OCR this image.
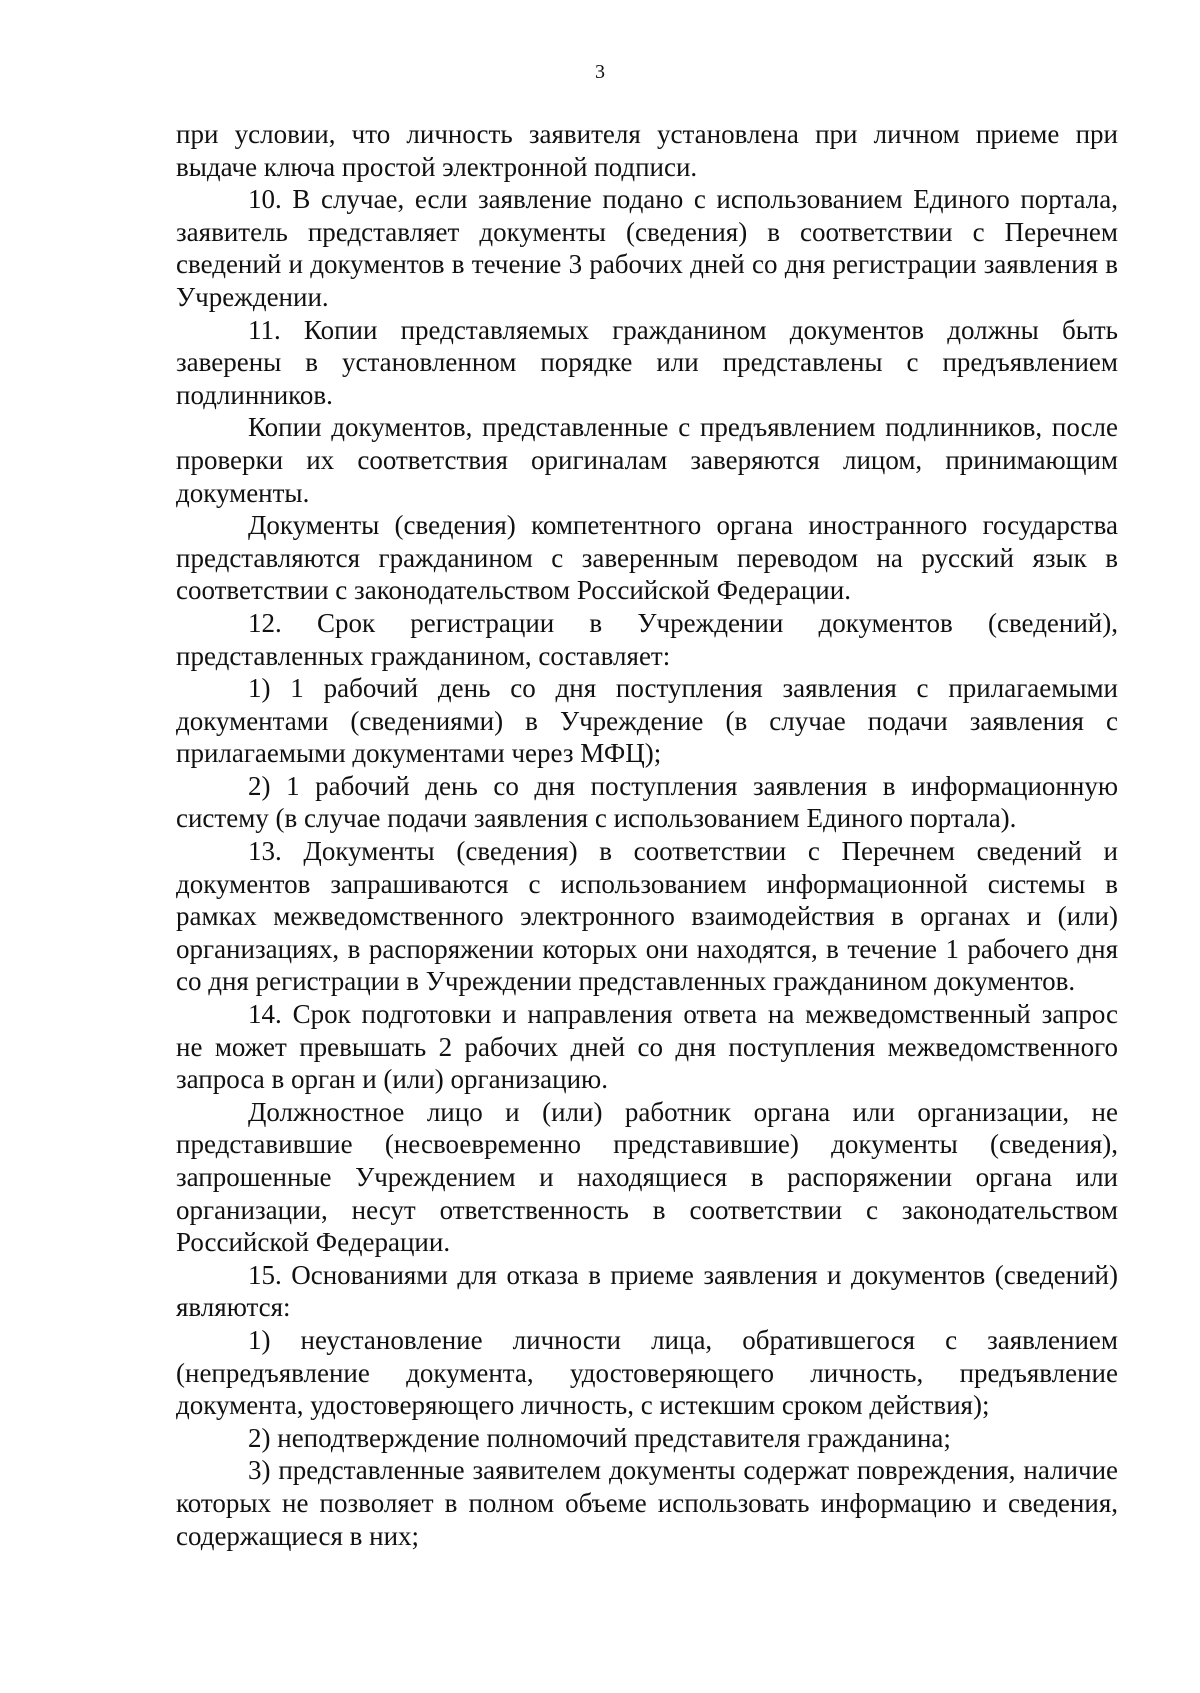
3

при условии, что личность заявителя установлена при личном приеме при выдаче ключа простой электронной подписи.

10. В случае, если заявление подано с использованием Единого портала, заявитель представляет документы (сведения) в соответствии с Перечнем сведений и документов в течение 3 рабочих дней со дня регистрации заявления в Учреждении.

11. Копии представляемых гражданином документов должны быть заверены в установленном порядке или представлены с предъявлением подлинников.

Копии документов, представленные с предъявлением подлинников, после проверки их соответствия оригиналам заверяются лицом, принимающим документы.

Документы (сведения) компетентного органа иностранного государства представляются гражданином с заверенным переводом на русский язык в соответствии с законодательством Российской Федерации.

12. Срок регистрации в Учреждении документов (сведений), представленных гражданином, составляет:

1) 1 рабочий день со дня поступления заявления с прилагаемыми документами (сведениями) в Учреждение (в случае подачи заявления с прилагаемыми документами через МФЦ);

2) 1 рабочий день со дня поступления заявления в информационную систему (в случае подачи заявления с использованием Единого портала).

13. Документы (сведения) в соответствии с Перечнем сведений и документов запрашиваются с использованием информационной системы в рамках межведомственного электронного взаимодействия в органах и (или) организациях, в распоряжении которых они находятся, в течение 1 рабочего дня со дня регистрации в Учреждении представленных гражданином документов.

14. Срок подготовки и направления ответа на межведомственный запрос не может превышать 2 рабочих дней со дня поступления межведомственного запроса в орган и (или) организацию.

Должностное лицо и (или) работник органа или организации, не представившие (несвоевременно представившие) документы (сведения), запрошенные Учреждением и находящиеся в распоряжении органа или организации, несут ответственность в соответствии с законодательством Российской Федерации.

15. Основаниями для отказа в приеме заявления и документов (сведений) являются:

1) неустановление личности лица, обратившегося с заявлением (непредъявление документа, удостоверяющего личность, предъявление документа, удостоверяющего личность, с истекшим сроком действия);

2) неподтверждение полномочий представителя гражданина;

3) представленные заявителем документы содержат повреждения, наличие которых не позволяет в полном объеме использовать информацию и сведения, содержащиеся в них;
